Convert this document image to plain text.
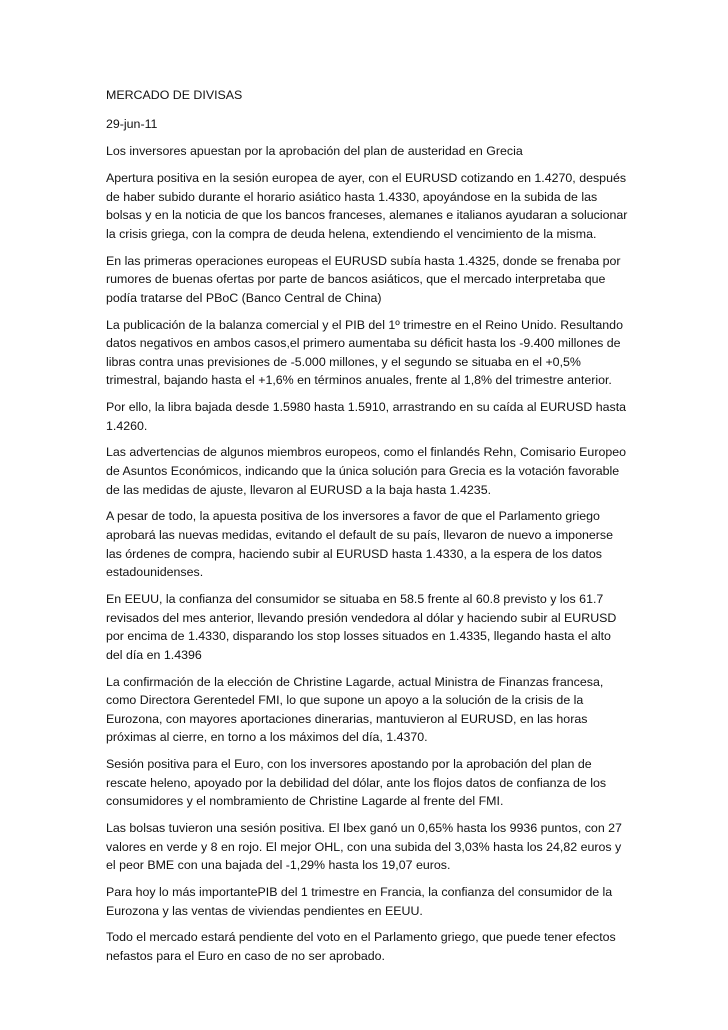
MERCADO DE DIVISAS

29-jun-11

Los inversores apuestan por la aprobación del plan de austeridad en Grecia

Apertura positiva en la sesión europea de ayer, con el EURUSD cotizando en 1.4270, después de haber subido durante el horario asiático hasta 1.4330, apoyándose en la subida de las bolsas y en la noticia de que los bancos franceses, alemanes e italianos ayudaran a solucionar la crisis griega, con la compra de deuda helena, extendiendo el vencimiento de la misma.

En las primeras operaciones europeas el EURUSD subía hasta 1.4325, donde se frenaba por rumores de buenas ofertas por parte de bancos asiáticos, que el mercado interpretaba que podía tratarse del PBoC (Banco Central de China)

La publicación de la balanza comercial y el PIB del 1º trimestre en el Reino Unido. Resultando datos negativos en ambos casos,el primero aumentaba su déficit hasta los -9.400 millones de libras contra unas previsiones de -5.000 millones, y el segundo se situaba en el +0,5% trimestral, bajando hasta el +1,6% en términos anuales, frente al 1,8% del trimestre anterior.

Por ello, la libra bajada desde 1.5980 hasta 1.5910, arrastrando en su caída al EURUSD hasta 1.4260.

Las advertencias de algunos miembros europeos, como el finlandés Rehn, Comisario Europeo de Asuntos Económicos, indicando que la única solución para Grecia es la votación favorable de las medidas de ajuste, llevaron al EURUSD a la baja hasta 1.4235.

A pesar de todo, la apuesta positiva de los inversores a favor de que el Parlamento griego aprobará las nuevas medidas, evitando el default de su país, llevaron de nuevo a imponerse las órdenes de compra, haciendo subir al EURUSD hasta 1.4330, a la espera de los datos estadounidenses.

En EEUU, la confianza del consumidor se situaba en 58.5 frente al 60.8 previsto y los 61.7 revisados del mes anterior, llevando presión vendedora al dólar y haciendo subir al EURUSD por encima de 1.4330, disparando los stop losses situados en 1.4335, llegando hasta el alto del día en 1.4396

La confirmación de la elección de Christine Lagarde, actual Ministra de Finanzas francesa, como Directora Gerentedel FMI, lo que supone un apoyo a la solución de la crisis de la Eurozona, con mayores aportaciones dinerarias, mantuvieron al EURUSD, en las horas próximas al cierre, en torno a los máximos del día, 1.4370.

Sesión positiva para el Euro, con los inversores apostando por la aprobación del plan de rescate heleno, apoyado por la debilidad del dólar, ante los flojos datos de confianza de los consumidores y el nombramiento de Christine Lagarde al frente del FMI.

Las bolsas tuvieron una sesión positiva. El Ibex ganó un 0,65% hasta los 9936 puntos, con 27 valores en verde y 8 en rojo. El mejor OHL, con una subida del 3,03% hasta los 24,82 euros y el peor BME con una bajada del -1,29% hasta los 19,07 euros.

Para hoy lo más importantePIB del 1 trimestre en Francia, la confianza del consumidor de la Eurozona y las ventas de viviendas pendientes en EEUU.

Todo el mercado estará pendiente del voto en el Parlamento griego, que puede tener efectos nefastos para el Euro en caso de no ser aprobado.
